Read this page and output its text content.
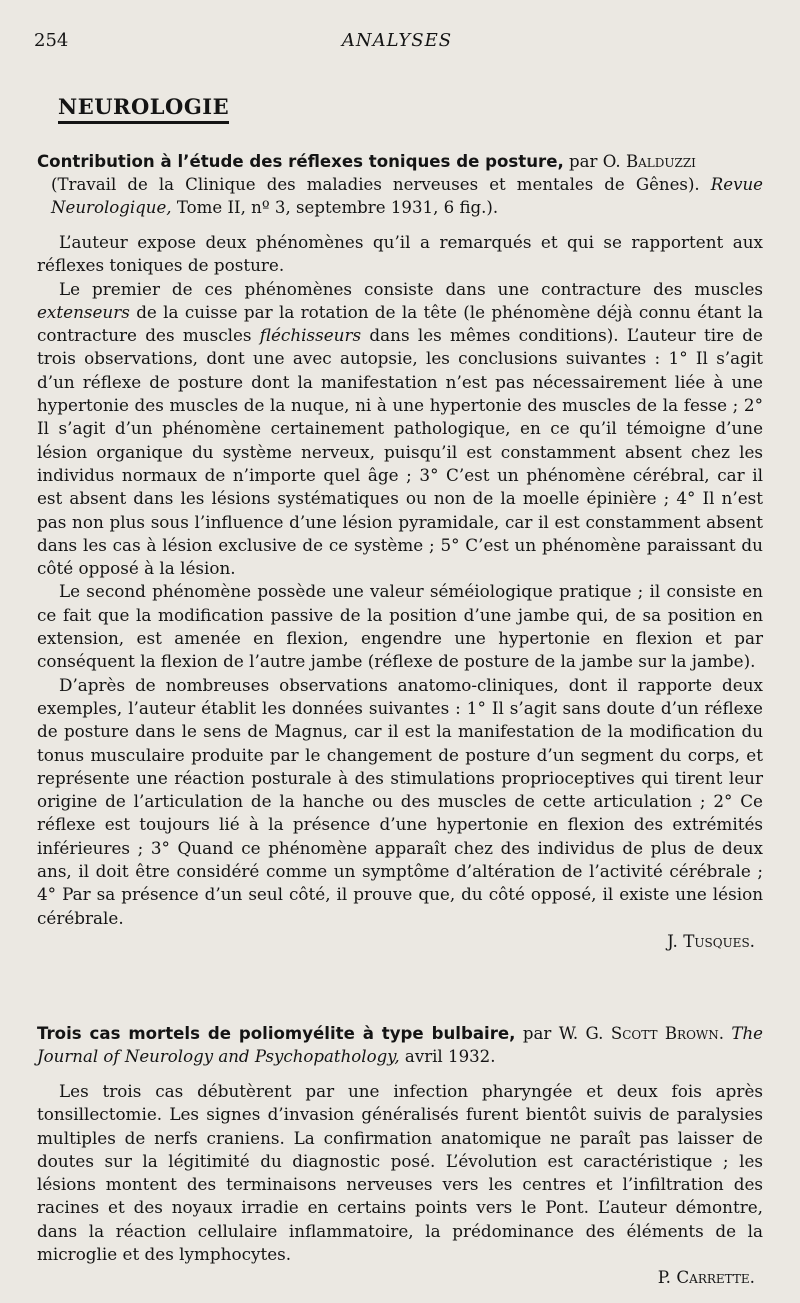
254	ANALYSES
NEUROLOGIE
Contribution à l’étude des réflexes toniques de posture, par O. Balduzzi
(Travail de la Clinique des maladies nerveuses et mentales de Gênes). Revue Neurologique, Tome II, nº 3, septembre 1931, 6 fig.).

L’auteur expose deux phénomènes qu’il a remarqués et qui se rapportent aux réflexes toniques de posture.

Le premier de ces phénomènes consiste dans une contracture des muscles extenseurs de la cuisse par la rotation de la tête (le phénomène déjà connu étant la contracture des muscles fléchisseurs dans les mêmes conditions). L’auteur tire de trois observations, dont une avec autopsie, les conclusions suivantes : 1° Il s’agit d’un réflexe de posture dont la manifestation n’est pas nécessairement liée à une hypertonie des muscles de la nuque, ni à une hypertonie des muscles de la fesse ; 2° Il s’agit d’un phénomène certainement pathologique, en ce qu’il témoigne d’une lésion organique du système nerveux, puisqu’il est constamment absent chez les individus normaux de n’importe quel âge ; 3° C’est un phénomène cérébral, car il est absent dans les lésions systématiques ou non de la moelle épinière ; 4° Il n’est pas non plus sous l’influence d’une lésion pyramidale, car il est constamment absent dans les cas à lésion exclusive de ce système ; 5° C’est un phénomène paraissant du côté opposé à la lésion.

Le second phénomène possède une valeur séméiologique pratique ; il consiste en ce fait que la modification passive de la position d’une jambe qui, de sa position en extension, est amenée en flexion, engendre une hypertonie en flexion et par conséquent la flexion de l’autre jambe (réflexe de posture de la jambe sur la jambe).

D’après de nombreuses observations anatomo-cliniques, dont il rapporte deux exemples, l’auteur établit les données suivantes : 1° Il s’agit sans doute d’un réflexe de posture dans le sens de Magnus, car il est la manifestation de la modification du tonus musculaire produite par le changement de posture d’un segment du corps, et représente une réaction posturale à des stimulations proprioceptives qui tirent leur origine de l’articulation de la hanche ou des muscles de cette articulation ; 2° Ce réflexe est toujours lié à la présence d’une hypertonie en flexion des extrémités inférieures ; 3° Quand ce phénomène apparaît chez des individus de plus de deux ans, il doit être considéré comme un symptôme d’altération de l’activité cérébrale ; 4° Par sa présence d’un seul côté, il prouve que, du côté opposé, il existe une lésion cérébrale.

J. Tusques.
Trois cas mortels de poliomyélite à type bulbaire, par W. G. Scott Brown. The Journal of Neurology and Psychopathology, avril 1932.

Les trois cas débutèrent par une infection pharyngée et deux fois après tonsillectomie. Les signes d’invasion généralisés furent bientôt suivis de paralysies multiples de nerfs craniens. La confirmation anatomique ne paraît pas laisser de doutes sur la légitimité du diagnostic posé. L’évolution est caractéristique ; les lésions montent des terminaisons nerveuses vers les centres et l’infiltration des racines et des noyaux irradie en certains points vers le Pont. L’auteur démontre, dans la réaction cellulaire inflammatoire, la prédominance des éléments de la microglie et des lymphocytes.

P. Carrette.
